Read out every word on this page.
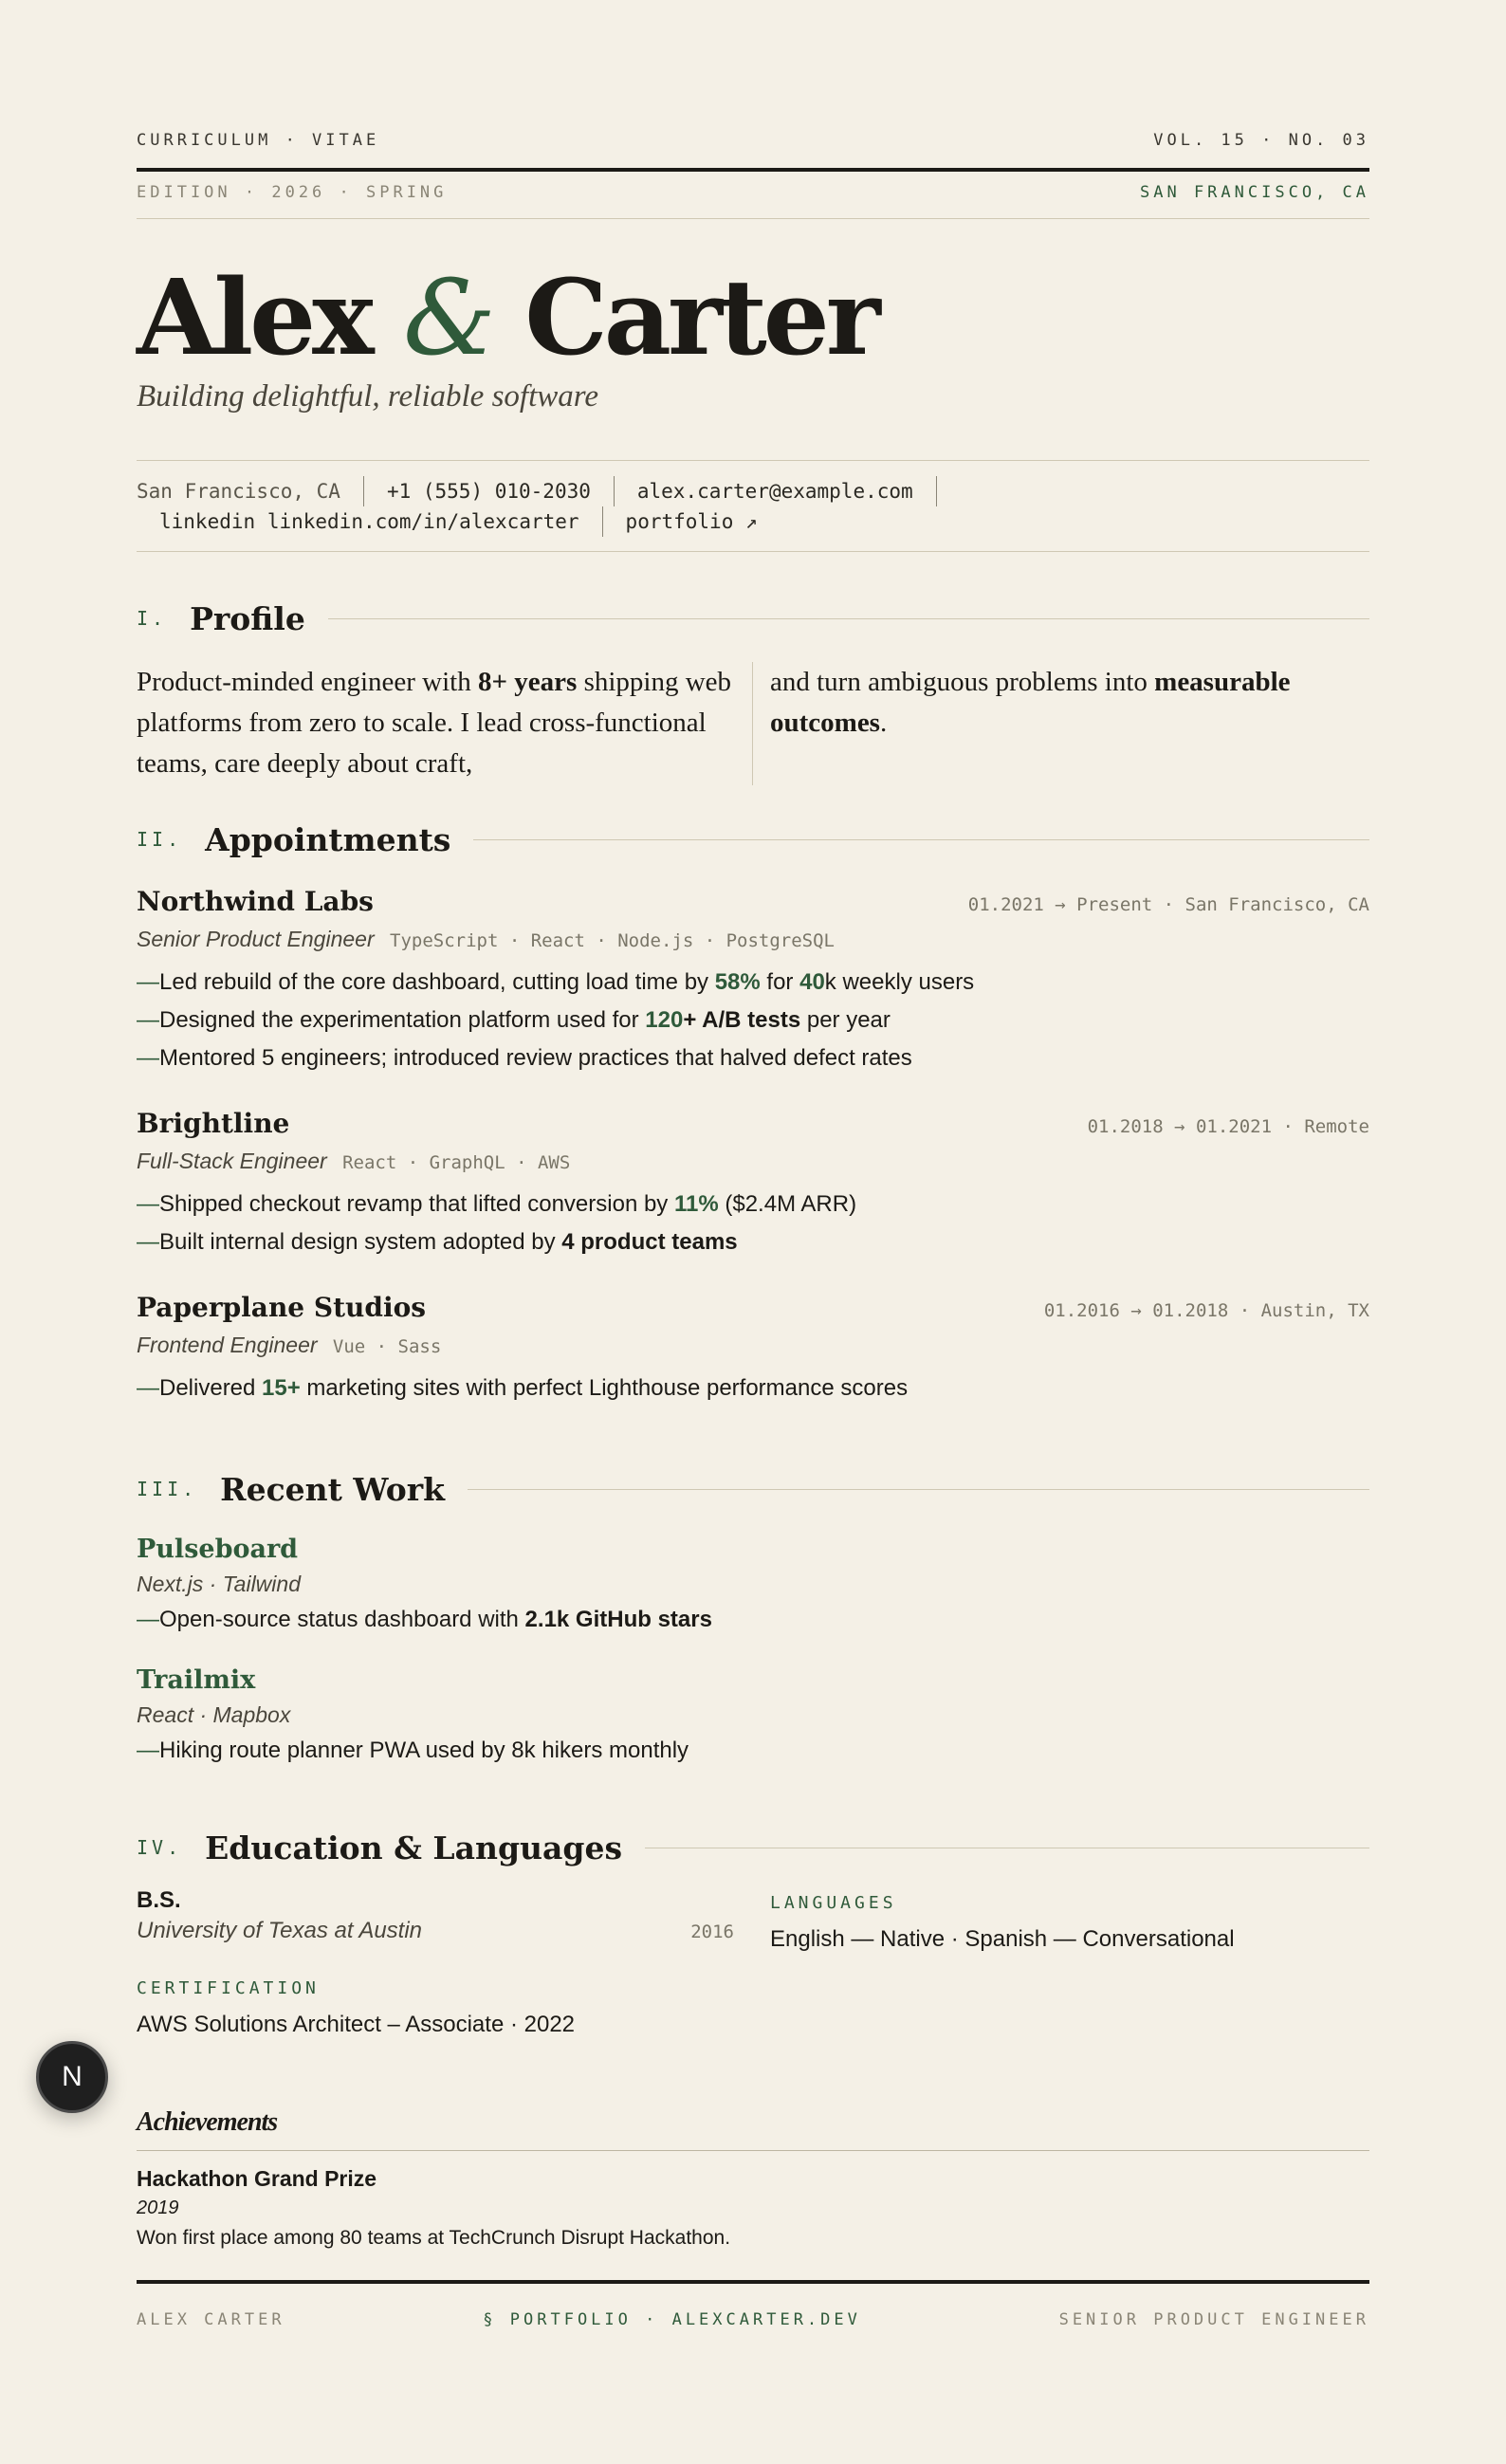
CURRICULUM · VITAE	VOL. 15 · NO. 03
EDITION · 2026 · SPRING	SAN FRANCISCO, CA
Alex & Carter
Building delightful, reliable software
San Francisco, CA	+1 (555) 010-2030	alex.carter@example.com
linkedin linkedin.com/in/alexcarter	portfolio ↗
I. Profile
Product-minded engineer with 8+ years shipping web platforms from zero to scale. I lead cross-functional teams, care deeply about craft,
and turn ambiguous problems into measurable outcomes.
II. Appointments
Northwind Labs	01.2021 → Present · San Francisco, CA
Senior Product Engineer TypeScript · React · Node.js · PostgreSQL
—Led rebuild of the core dashboard, cutting load time by 58% for 40k weekly users
—Designed the experimentation platform used for 120+ A/B tests per year
—Mentored 5 engineers; introduced review practices that halved defect rates
Brightline	01.2018 → 01.2021 · Remote
Full-Stack Engineer React · GraphQL · AWS
—Shipped checkout revamp that lifted conversion by 11% ($2.4M ARR)
—Built internal design system adopted by 4 product teams
Paperplane Studios	01.2016 → 01.2018 · Austin, TX
Frontend Engineer Vue · Sass
—Delivered 15+ marketing sites with perfect Lighthouse performance scores
III. Recent Work
Pulseboard
Next.js · Tailwind
—Open-source status dashboard with 2.1k GitHub stars
Trailmix
React · Mapbox
—Hiking route planner PWA used by 8k hikers monthly
IV. Education & Languages
B.S.
University of Texas at Austin	2016
CERTIFICATION
AWS Solutions Architect – Associate · 2022
LANGUAGES
English — Native · Spanish — Conversational
Achievements
Hackathon Grand Prize
2019
Won first place among 80 teams at TechCrunch Disrupt Hackathon.
ALEX CARTER	§ PORTFOLIO · ALEXCARTER.DEV	SENIOR PRODUCT ENGINEER
N
